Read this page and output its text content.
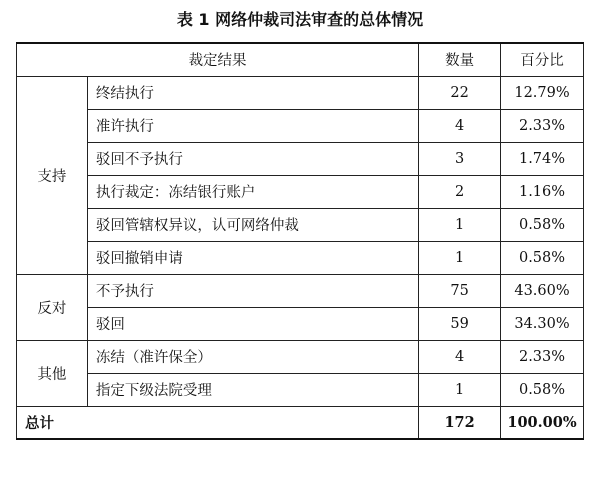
表 1 网络仲裁司法审查的总体情况
裁定结果		数量	百分比
支持	终结执行	22	12.79%
	准许执行	4	2.33%
	驳回不予执行	3	1.74%
	执行裁定：冻结银行账户	2	1.16%
	驳回管辖权异议，认可网络仲裁	1	0.58%
	驳回撤销申请	1	0.58%
反对	不予执行	75	43.60%
	驳回	59	34.30%
其他	冻结（准许保全）	4	2.33%
	指定下级法院受理	1	0.58%
总计		172	100.00%
